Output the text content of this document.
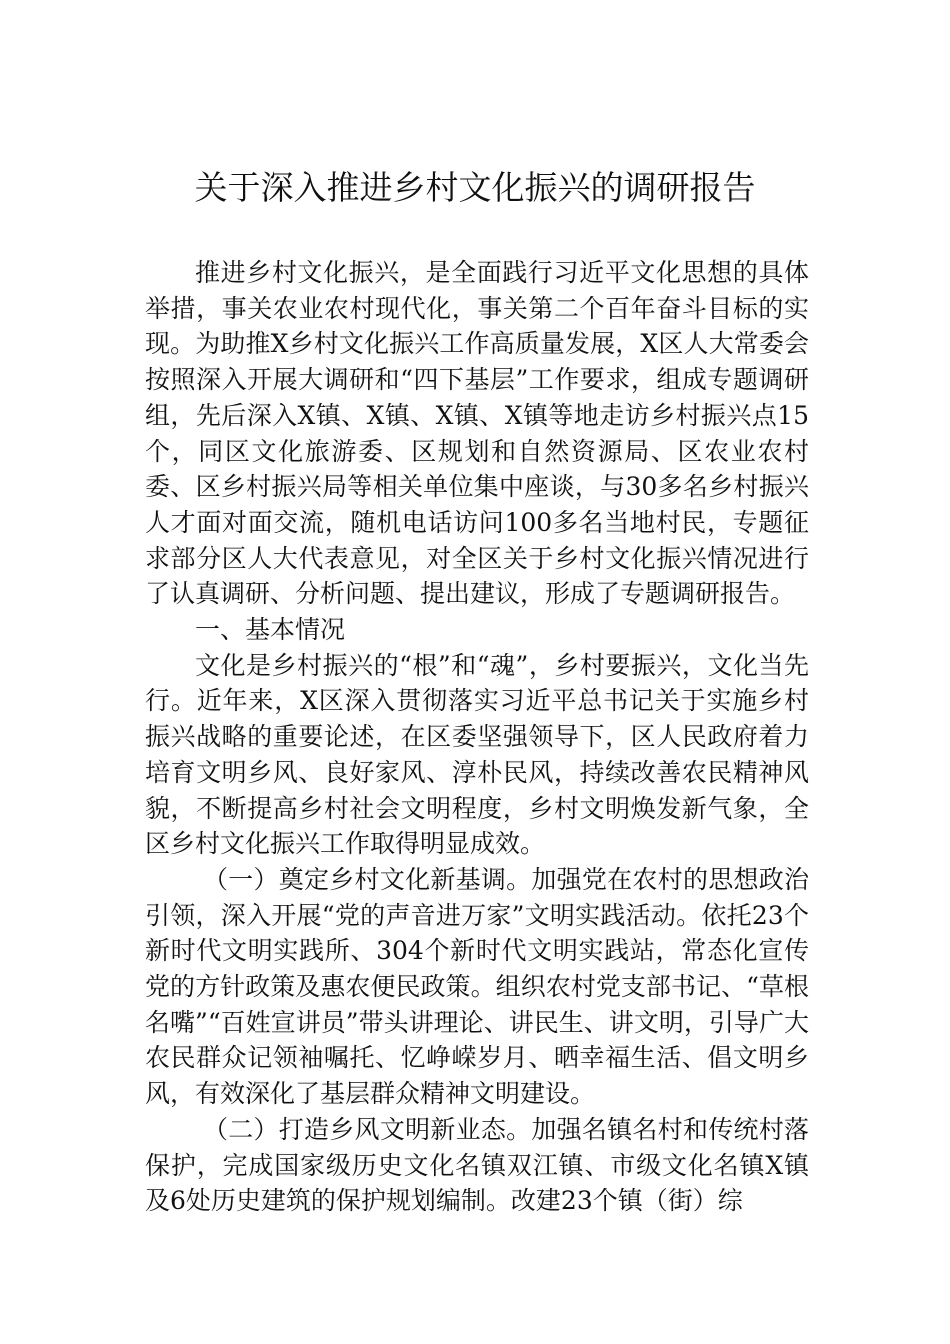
关于深入推进乡村文化振兴的调研报告

推进乡村文化振兴，是全面践行习近平文化思想的具体举措，事关农业农村现代化，事关第二个百年奋斗目标的实现。为助推X乡村文化振兴工作高质量发展，X区人大常委会按照深入开展大调研和“四下基层”工作要求，组成专题调研组，先后深入X镇、X镇、X镇、X镇等地走访乡村振兴点15个，同区文化旅游委、区规划和自然资源局、区农业农村委、区乡村振兴局等相关单位集中座谈，与30多名乡村振兴人才面对面交流，随机电话访问100多名当地村民，专题征求部分区人大代表意见，对全区关于乡村文化振兴情况进行了认真调研、分析问题、提出建议，形成了专题调研报告。

一、基本情况

文化是乡村振兴的“根”和“魂”，乡村要振兴，文化当先行。近年来，X区深入贯彻落实习近平总书记关于实施乡村振兴战略的重要论述，在区委坚强领导下，区人民政府着力培育文明乡风、良好家风、淳朴民风，持续改善农民精神风貌，不断提高乡村社会文明程度，乡村文明焕发新气象，全区乡村文化振兴工作取得明显成效。

（一）奠定乡村文化新基调。加强党在农村的思想政治引领，深入开展“党的声音进万家”文明实践活动。依托23个新时代文明实践所、304个新时代文明实践站，常态化宣传党的方针政策及惠农便民政策。组织农村党支部书记、“草根名嘴”“百姓宣讲员”带头讲理论、讲民生、讲文明，引导广大农民群众记领袖嘱托、忆峥嵘岁月、晒幸福生活、倡文明乡风，有效深化了基层群众精神文明建设。

（二）打造乡风文明新业态。加强名镇名村和传统村落保护，完成国家级历史文化名镇双江镇、市级文化名镇X镇及6处历史建筑的保护规划编制。改建23个镇（街）综
